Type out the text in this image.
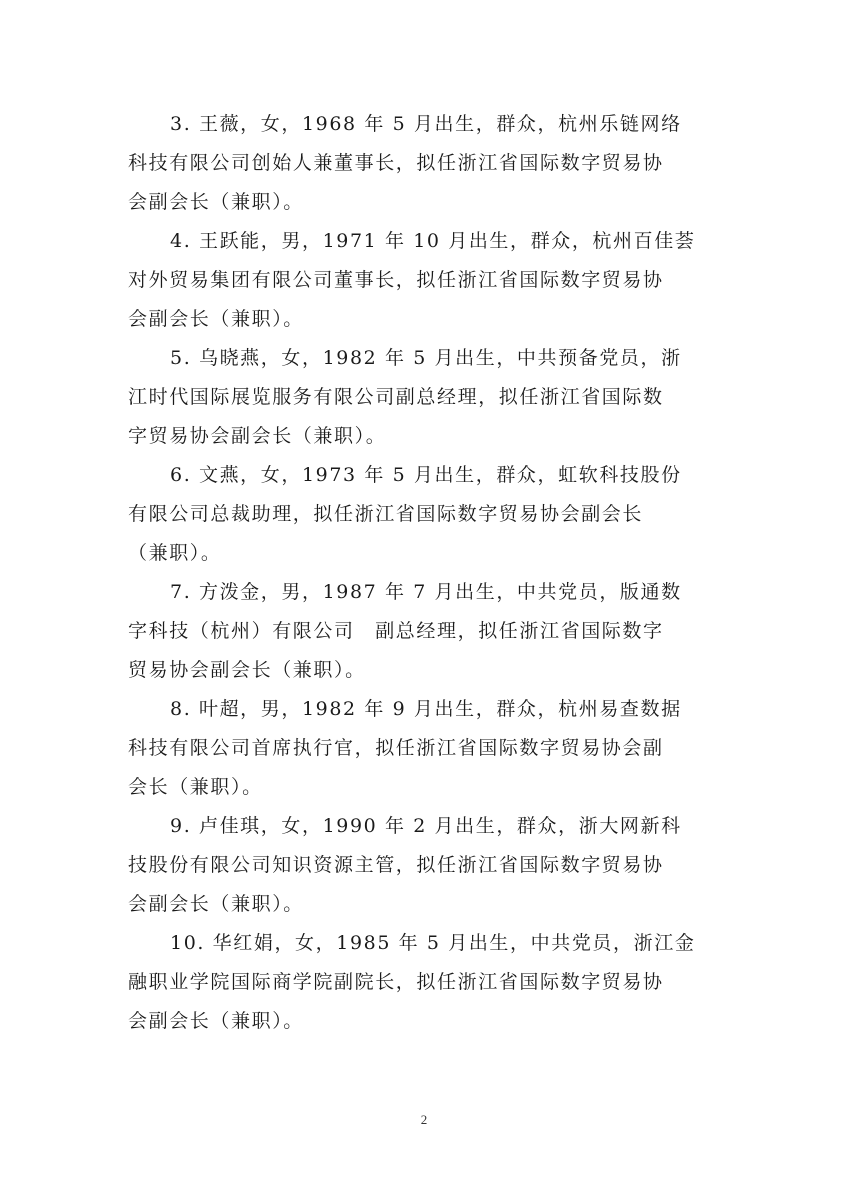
3. 王薇，女，1968 年 5 月出生，群众，杭州乐链网络
科技有限公司创始人兼董事长，拟任浙江省国际数字贸易协
会副会长（兼职）。
4. 王跃能，男，1971 年 10 月出生，群众，杭州百佳荟
对外贸易集团有限公司董事长，拟任浙江省国际数字贸易协
会副会长（兼职）。
5. 乌晓燕，女，1982 年 5 月出生，中共预备党员，浙
江时代国际展览服务有限公司副总经理，拟任浙江省国际数
字贸易协会副会长（兼职）。
6. 文燕，女，1973 年 5 月出生，群众，虹软科技股份
有限公司总裁助理，拟任浙江省国际数字贸易协会副会长
（兼职）。
7. 方泼金，男，1987 年 7 月出生，中共党员，版通数
字科技（杭州）有限公司　副总经理，拟任浙江省国际数字
贸易协会副会长（兼职）。
8. 叶超，男，1982 年 9 月出生，群众，杭州易查数据
科技有限公司首席执行官，拟任浙江省国际数字贸易协会副
会长（兼职）。
9. 卢佳琪，女，1990 年 2 月出生，群众，浙大网新科
技股份有限公司知识资源主管，拟任浙江省国际数字贸易协
会副会长（兼职）。
10. 华红娟，女，1985 年 5 月出生，中共党员，浙江金
融职业学院国际商学院副院长，拟任浙江省国际数字贸易协
会副会长（兼职）。
2
